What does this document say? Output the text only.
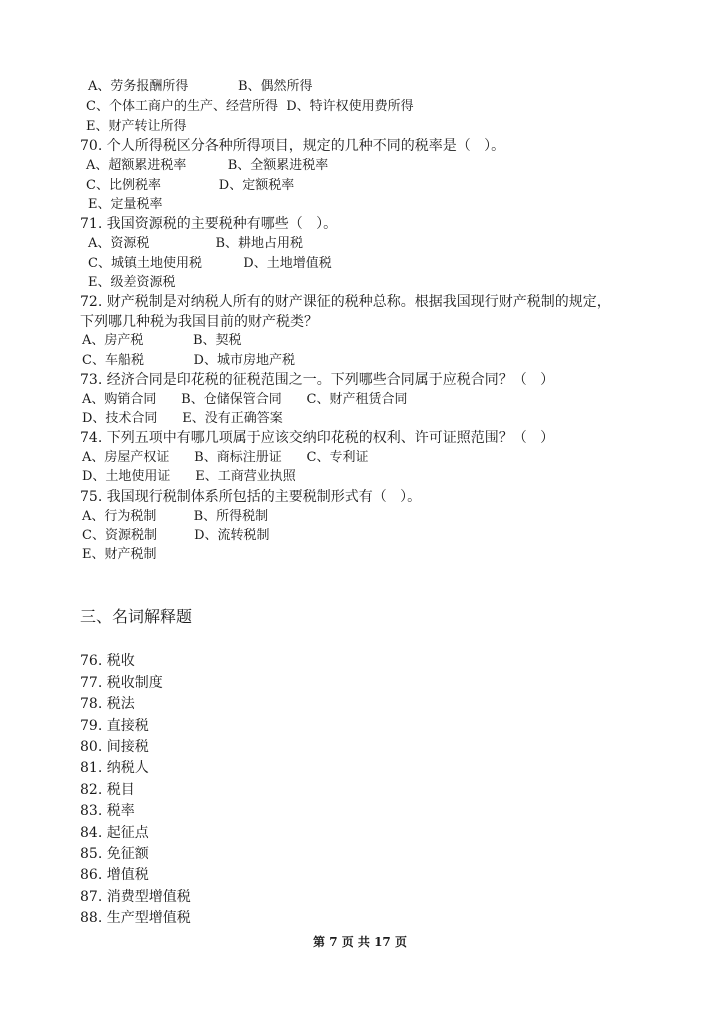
A、劳务报酬所得            B、偶然所得
C、个体工商户的生产、经营所得  D、特许权使用费所得
E、财产转让所得
70. 个人所得税区分各种所得项目，规定的几种不同的税率是（   ）。
A、超额累进税率          B、全额累进税率
C、比例税率              D、定额税率
E、定量税率
71. 我国资源税的主要税种有哪些（   ）。
A、资源税                B、耕地占用税
C、城镇土地使用税          D、土地增值税
E、级差资源税
72. 财产税制是对纳税人所有的财产课征的税种总称。根据我国现行财产税制的规定，
下列哪几种税为我国目前的财产税类？
A、房产税            B、契税
C、车船税            D、城市房地产税
73. 经济合同是印花税的征税范围之一。下列哪些合同属于应税合同？（   ）
A、购销合同      B、仓储保管合同      C、财产租赁合同
D、技术合同      E、没有正确答案
74. 下列五项中有哪几项属于应该交纳印花税的权利、许可证照范围？（   ）
A、房屋产权证      B、商标注册证      C、专利证
D、土地使用证      E、工商营业执照
75. 我国现行税制体系所包括的主要税制形式有（   ）。
A、行为税制         B、所得税制
C、资源税制         D、流转税制
E、财产税制
三、名词解释题
76. 税收
77. 税收制度
78. 税法
79. 直接税
80. 间接税
81. 纳税人
82. 税目
83. 税率
84. 起征点
85. 免征额
86. 增值税
87. 消费型增值税
88. 生产型增值税
第 7 页 共 17 页
